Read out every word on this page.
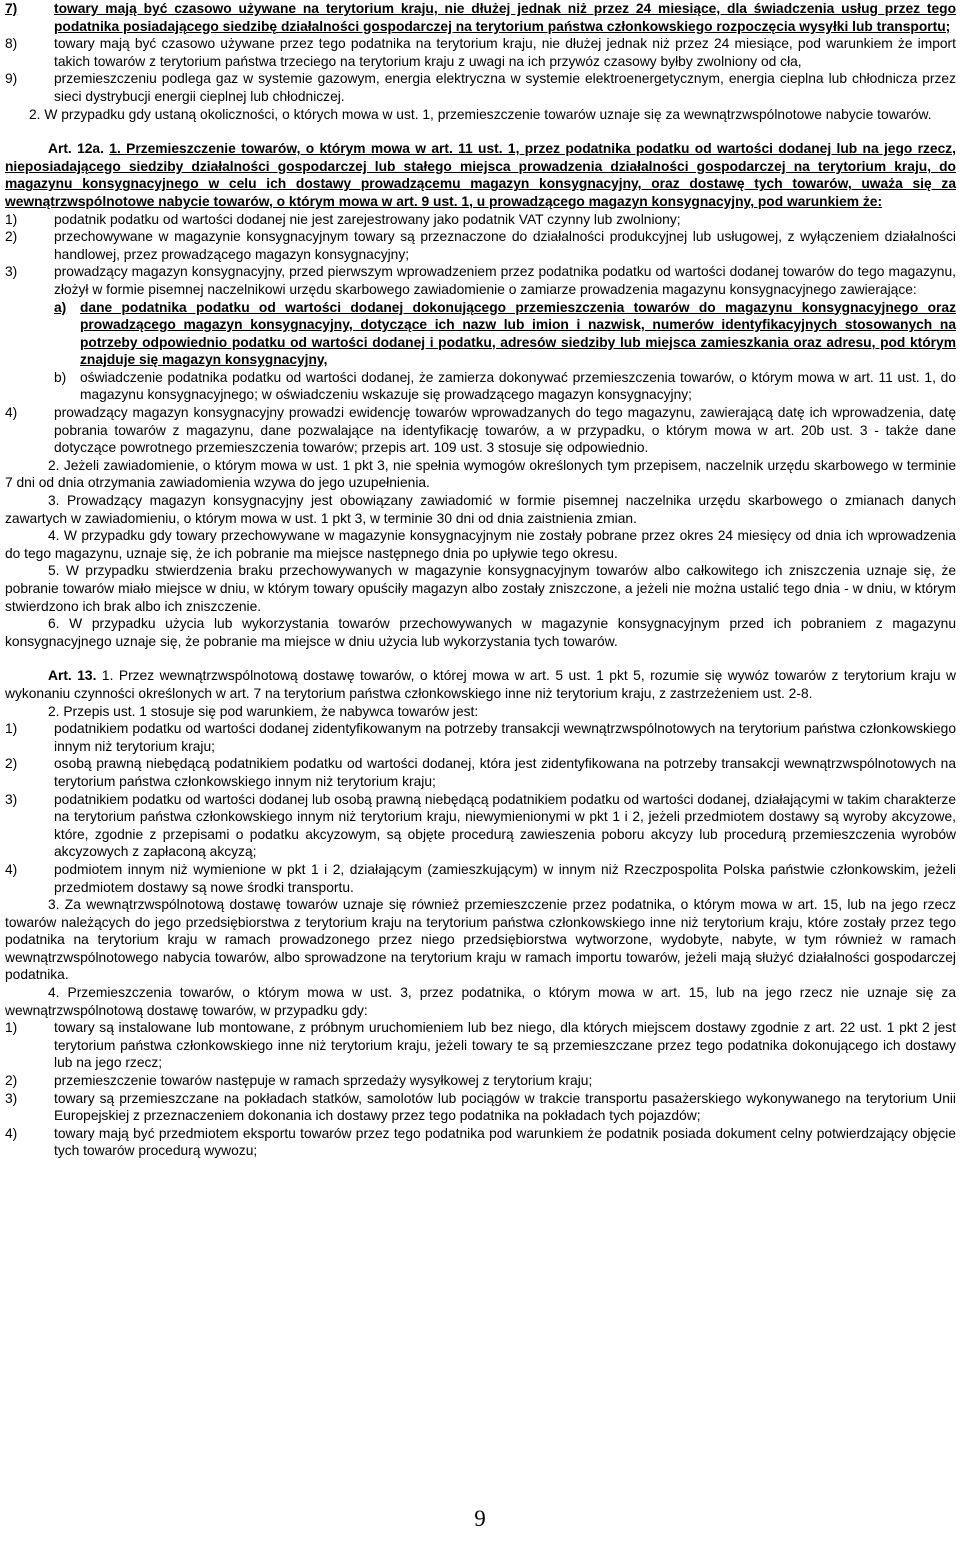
7)	towary mają być czasowo używane na terytorium kraju, nie dłużej jednak niż przez 24 miesiące, dla świadczenia usług przez tego podatnika posiadającego siedzibę działalności gospodarczej na terytorium państwa członkowskiego rozpoczęcia wysyłki lub transportu;
8)	towary mają być czasowo używane przez tego podatnika na terytorium kraju, nie dłużej jednak niż przez 24 miesiące, pod warunkiem że import takich towarów z terytorium państwa trzeciego na terytorium kraju z uwagi na ich przywóz czasowy byłby zwolniony od cła,
9)	przemieszczeniu podlega gaz w systemie gazowym, energia elektryczna w systemie elektroenergetycznym, energia cieplna lub chłodnicza przez sieci dystrybucji energii cieplnej lub chłodniczej.

2. W przypadku gdy ustaną okoliczności, o których mowa w ust. 1, przemieszczenie towarów uznaje się za wewnątrzwspólnotowe nabycie towarów.

Art. 12a. 1. Przemieszczenie towarów, o którym mowa w art. 11 ust. 1, przez podatnika podatku od wartości dodanej lub na jego rzecz, nieposiadającego siedziby działalności gospodarczej lub stałego miejsca prowadzenia działalności gospodarczej na terytorium kraju, do magazynu konsygnacyjnego w celu ich dostawy prowadzącemu magazyn konsygnacyjny, oraz dostawę tych towarów, uważa się za wewnątrzwspólnotowe nabycie towarów, o którym mowa w art. 9 ust. 1, u prowadzącego magazyn konsygnacyjny, pod warunkiem że:

1)	podatnik podatku od wartości dodanej nie jest zarejestrowany jako podatnik VAT czynny lub zwolniony;
2)	przechowywane w magazynie konsygnacyjnym towary są przeznaczone do działalności produkcyjnej lub usługowej, z wyłączeniem działalności handlowej, przez prowadzącego magazyn konsygnacyjny;
3)	prowadzący magazyn konsygnacyjny, przed pierwszym wprowadzeniem przez podatnika podatku od wartości dodanej towarów do tego magazynu, złożył w formie pisemnej naczelnikowi urzędu skarbowego zawiadomienie o zamiarze prowadzenia magazynu konsygnacyjnego zawierające:
a) dane podatnika podatku od wartości dodanej dokonującego przemieszczenia towarów do magazynu konsygnacyjnego oraz prowadzącego magazyn konsygnacyjny, dotyczące ich nazw lub imion i nazwisk, numerów identyfikacyjnych stosowanych na potrzeby odpowiednio podatku od wartości dodanej i podatku, adresów siedziby lub miejsca zamieszkania oraz adresu, pod którym znajduje się magazyn konsygnacyjny,
b) oświadczenie podatnika podatku od wartości dodanej, że zamierza dokonywać przemieszczenia towarów, o którym mowa w art. 11 ust. 1, do magazynu konsygnacyjnego; w oświadczeniu wskazuje się prowadzącego magazyn konsygnacyjny;
4)	prowadzący magazyn konsygnacyjny prowadzi ewidencję towarów wprowadzanych do tego magazynu, zawierającą datę ich wprowadzenia, datę pobrania towarów z magazynu, dane pozwalające na identyfikację towarów, a w przypadku, o którym mowa w art. 20b ust. 3 - także dane dotyczące powrotnego przemieszczenia towarów; przepis art. 109 ust. 3 stosuje się odpowiednio.

2. Jeżeli zawiadomienie, o którym mowa w ust. 1 pkt 3, nie spełnia wymogów określonych tym przepisem, naczelnik urzędu skarbowego w terminie 7 dni od dnia otrzymania zawiadomienia wzywa do jego uzupełnienia.

3. Prowadzący magazyn konsygnacyjny jest obowiązany zawiadomić w formie pisemnej naczelnika urzędu skarbowego o zmianach danych zawartych w zawiadomieniu, o którym mowa w ust. 1 pkt 3, w terminie 30 dni od dnia zaistnienia zmian.

4. W przypadku gdy towary przechowywane w magazynie konsygnacyjnym nie zostały pobrane przez okres 24 miesięcy od dnia ich wprowadzenia do tego magazynu, uznaje się, że ich pobranie ma miejsce następnego dnia po upływie tego okresu.

5. W przypadku stwierdzenia braku przechowywanych w magazynie konsygnacyjnym towarów albo całkowitego ich zniszczenia uznaje się, że pobranie towarów miało miejsce w dniu, w którym towary opuściły magazyn albo zostały zniszczone, a jeżeli nie można ustalić tego dnia - w dniu, w którym stwierdzono ich brak albo ich zniszczenie.

6. W przypadku użycia lub wykorzystania towarów przechowywanych w magazynie konsygnacyjnym przed ich pobraniem z magazynu konsygnacyjnego uznaje się, że pobranie ma miejsce w dniu użycia lub wykorzystania tych towarów.

Art. 13. 1. Przez wewnątrzwspólnotową dostawę towarów, o której mowa w art. 5 ust. 1 pkt 5, rozumie się wywóz towarów z terytorium kraju w wykonaniu czynności określonych w art. 7 na terytorium państwa członkowskiego inne niż terytorium kraju, z zastrzeżeniem ust. 2-8.

2. Przepis ust. 1 stosuje się pod warunkiem, że nabywca towarów jest:

1)	podatnikiem podatku od wartości dodanej zidentyfikowanym na potrzeby transakcji wewnątrzwspólnotowych na terytorium państwa członkowskiego innym niż terytorium kraju;
2)	osobą prawną niebędącą podatnikiem podatku od wartości dodanej, która jest zidentyfikowana na potrzeby transakcji wewnątrzwspólnotowych na terytorium państwa członkowskiego innym niż terytorium kraju;
3)	podatnikiem podatku od wartości dodanej lub osobą prawną niebędącą podatnikiem podatku od wartości dodanej, działającymi w takim charakterze na terytorium państwa członkowskiego innym niż terytorium kraju, niewymienionymi w pkt 1 i 2, jeżeli przedmiotem dostawy są wyroby akcyzowe, które, zgodnie z przepisami o podatku akcyzowym, są objęte procedurą zawieszenia poboru akcyzy lub procedurą przemieszczenia wyrobów akcyzowych z zapłaconą akcyzą;
4)	podmiotem innym niż wymienione w pkt 1 i 2, działającym (zamieszkującym) w innym niż Rzeczpospolita Polska państwie członkowskim, jeżeli przedmiotem dostawy są nowe środki transportu.

3. Za wewnątrzwspólnotową dostawę towarów uznaje się również przemieszczenie przez podatnika, o którym mowa w art. 15, lub na jego rzecz towarów należących do jego przedsiębiorstwa z terytorium kraju na terytorium państwa członkowskiego inne niż terytorium kraju, które zostały przez tego podatnika na terytorium kraju w ramach prowadzonego przez niego przedsiębiorstwa wytworzone, wydobyte, nabyte, w tym również w ramach wewnątrzwspólnotowego nabycia towarów, albo sprowadzone na terytorium kraju w ramach importu towarów, jeżeli mają służyć działalności gospodarczej podatnika.

4. Przemieszczenia towarów, o którym mowa w ust. 3, przez podatnika, o którym mowa w art. 15, lub na jego rzecz nie uznaje się za wewnątrzwspólnotową dostawę towarów, w przypadku gdy:

1)	towary są instalowane lub montowane, z próbnym uruchomieniem lub bez niego, dla których miejscem dostawy zgodnie z art. 22 ust. 1 pkt 2 jest terytorium państwa członkowskiego inne niż terytorium kraju, jeżeli towary te są przemieszczane przez tego podatnika dokonującego ich dostawy lub na jego rzecz;
2)	przemieszczenie towarów następuje w ramach sprzedaży wysyłkowej z terytorium kraju;
3)	towary są przemieszczane na pokładach statków, samolotów lub pociągów w trakcie transportu pasażerskiego wykonywanego na terytorium Unii Europejskiej z przeznaczeniem dokonania ich dostawy przez tego podatnika na pokładach tych pojazdów;
4)	towary mają być przedmiotem eksportu towarów przez tego podatnika pod warunkiem że podatnik posiada dokument celny potwierdzający objęcie tych towarów procedurą wywozu;
9
